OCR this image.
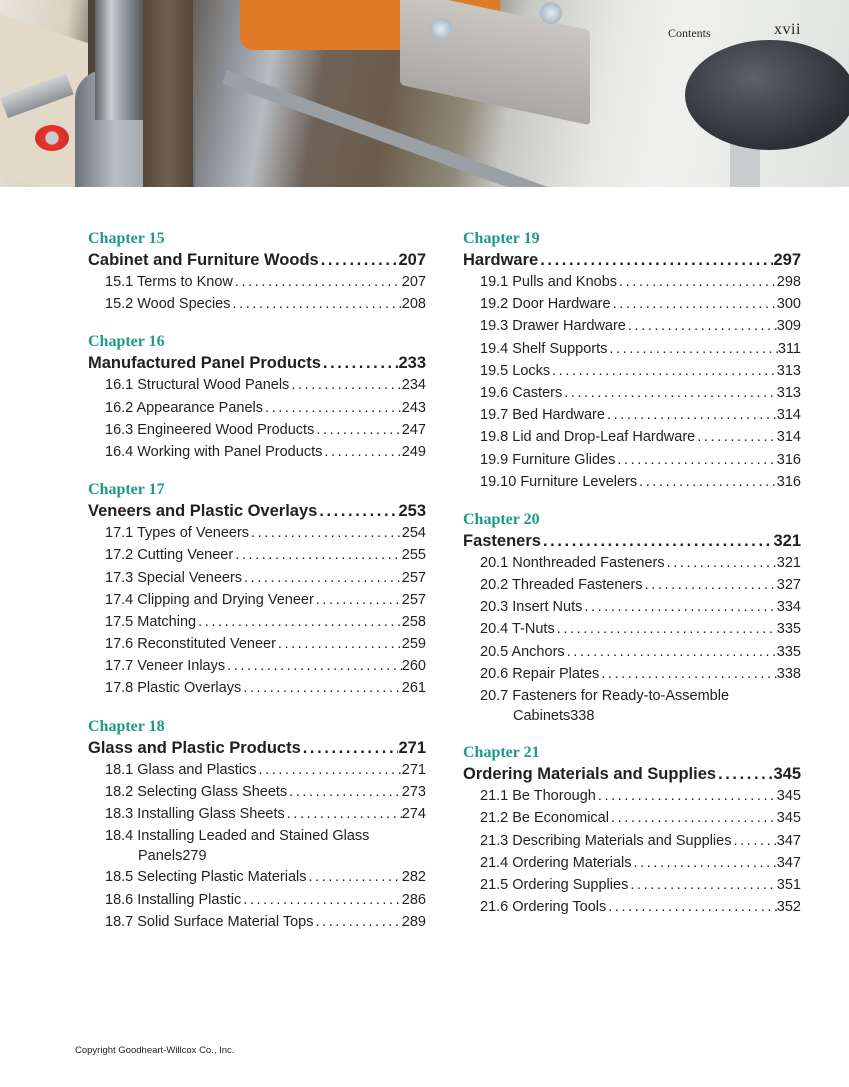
Contents	xvii
Chapter 15
Cabinet and Furniture Woods .....	207
15.1 Terms to Know .....	207
15.2 Wood Species .....	208
Chapter 16
Manufactured Panel Products .....	233
16.1 Structural Wood Panels .....	234
16.2 Appearance Panels .....	243
16.3 Engineered Wood Products .....	247
16.4 Working with Panel Products .....	249
Chapter 17
Veneers and Plastic Overlays .....	253
17.1 Types of Veneers .....	254
17.2 Cutting Veneer .....	255
17.3 Special Veneers .....	257
17.4 Clipping and Drying Veneer .....	257
17.5 Matching .....	258
17.6 Reconstituted Veneer .....	259
17.7 Veneer Inlays .....	260
17.8 Plastic Overlays .....	261
Chapter 18
Glass and Plastic Products .....	271
18.1 Glass and Plastics .....	271
18.2 Selecting Glass Sheets .....	273
18.3 Installing Glass Sheets .....	274
18.4 Installing Leaded and Stained Glass
Panels 279
18.5 Selecting Plastic Materials .....	282
18.6 Installing Plastic .....	286
18.7 Solid Surface Material Tops .....	289
Chapter 19
Hardware .....	297
19.1 Pulls and Knobs .....	298
19.2 Door Hardware .....	300
19.3 Drawer Hardware .....	309
19.4 Shelf Supports .....	311
19.5 Locks .....	313
19.6 Casters .....	313
19.7 Bed Hardware .....	314
19.8 Lid and Drop-Leaf Hardware .....	314
19.9 Furniture Glides .....	316
19.10 Furniture Levelers .....	316
Chapter 20
Fasteners .....	321
20.1 Nonthreaded Fasteners .....	321
20.2 Threaded Fasteners .....	327
20.3 Insert Nuts .....	334
20.4 T-Nuts .....	335
20.5 Anchors .....	335
20.6 Repair Plates .....	338
20.7 Fasteners for Ready-to-Assemble
Cabinets 338
Chapter 21
Ordering Materials and Supplies .....	345
21.1 Be Thorough .....	345
21.2 Be Economical .....	345
21.3 Describing Materials and Supplies .....	347
21.4 Ordering Materials .....	347
21.5 Ordering Supplies .....	351
21.6 Ordering Tools .....	352
Copyright Goodheart-Willcox Co., Inc.
